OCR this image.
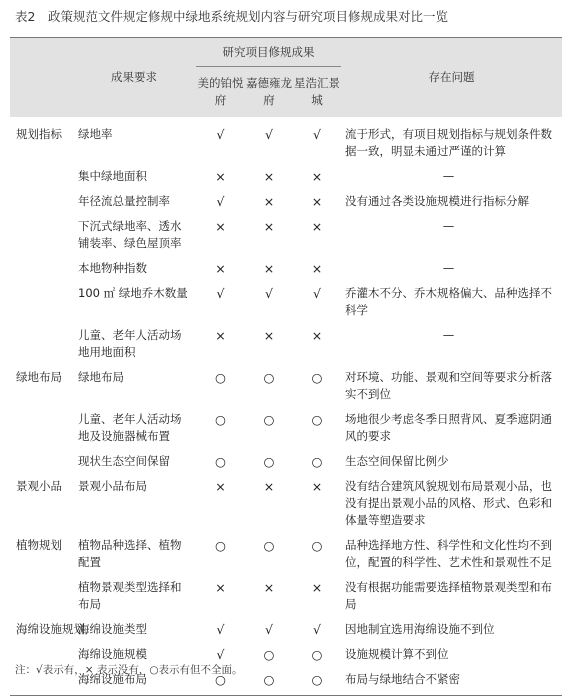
表2　政策规范文件规定修规中绿地系统规划内容与研究项目修规成果对比一览
	成果要求	研究项目修规成果			存在问题
		美的铂悦府	嘉德雍龙府	星浩汇景城	
规划指标	绿地率	√	√	√	流于形式，有项目规划指标与规划条件数据一致，明显未通过严谨的计算
	集中绿地面积	×	×	×	—
	年径流总量控制率	√	×	×	没有通过各类设施规模进行指标分解
	下沉式绿地率、透水铺装率、绿色屋顶率	×	×	×	—
	本地物种指数	×	×	×	—
	100 ㎡ 绿地乔木数量	√	√	√	乔灌木不分、乔木规格偏大、品种选择不科学
	儿童、老年人活动场地用地面积	×	×	×	—
绿地布局	绿地布局	○	○	○	对环境、功能、景观和空间等要求分析落实不到位
	儿童、老年人活动场地及设施器械布置	○	○	○	场地很少考虑冬季日照背风、夏季遮阴通风的要求
	现状生态空间保留	○	○	○	生态空间保留比例少
景观小品	景观小品布局	×	×	×	没有结合建筑风貌规划布局景观小品，也没有提出景观小品的风格、形式、色彩和体量等塑造要求
植物规划	植物品种选择、植物配置	○	○	○	品种选择地方性、科学性和文化性均不到位，配置的科学性、艺术性和景观性不足
	植物景观类型选择和布局	×	×	×	没有根据功能需要选择植物景观类型和布局
海绵设施规划	海绵设施类型	√	√	√	因地制宜选用海绵设施不到位
	海绵设施规模	√	○	○	设施规模计算不到位
	海绵设施布局	○	○	○	布局与绿地结合不紧密

注：√表示有，× 表示没有，○表示有但不全面。
